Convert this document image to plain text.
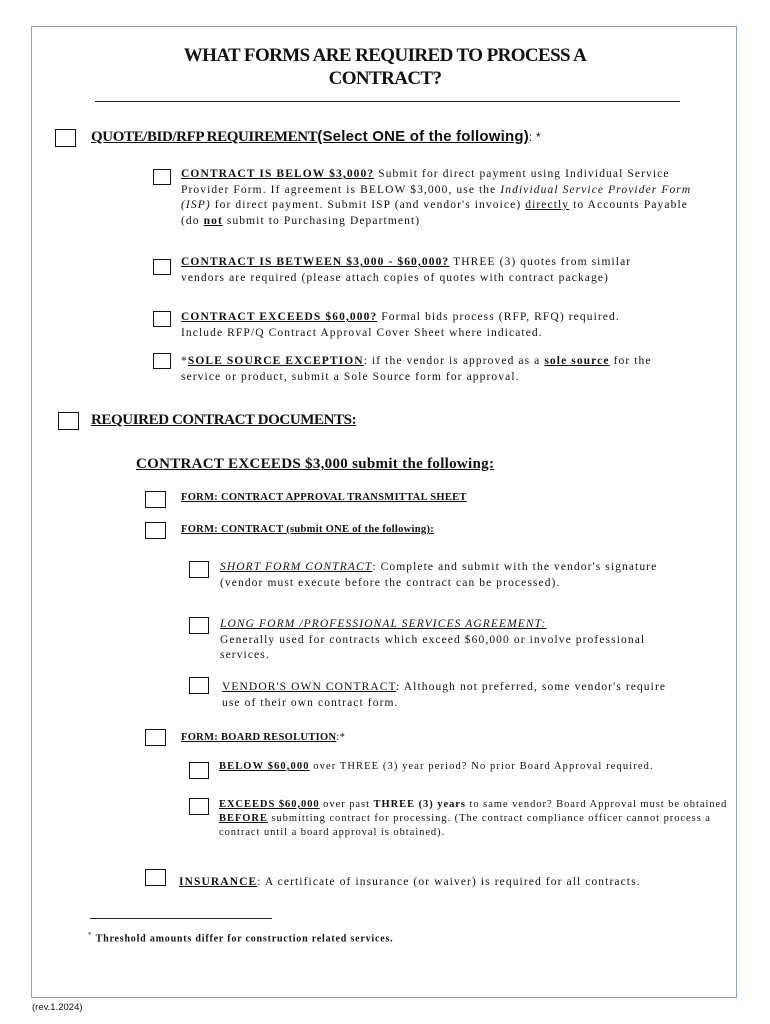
WHAT FORMS ARE REQUIRED TO PROCESS A
CONTRACT?
QUOTE/BID/RFP REQUIREMENT(Select ONE of the following): *
CONTRACT IS BELOW $3,000? Submit for direct payment using Individual Service Provider Form. If agreement is BELOW $3,000, use the Individual Service Provider Form (ISP) for direct payment. Submit ISP (and vendor's invoice) directly to Accounts Payable (do not submit to Purchasing Department)
CONTRACT IS BETWEEN $3,000 - $60,000? THREE (3) quotes from similar vendors are required (please attach copies of quotes with contract package)
CONTRACT EXCEEDS $60,000? Formal bids process (RFP, RFQ) required. Include RFP/Q Contract Approval Cover Sheet where indicated.
*SOLE SOURCE EXCEPTION: if the vendor is approved as a sole source for the service or product, submit a Sole Source form for approval.
REQUIRED CONTRACT DOCUMENTS:
CONTRACT EXCEEDS $3,000 submit the following:
FORM: CONTRACT APPROVAL TRANSMITTAL SHEET
FORM: CONTRACT (submit ONE of the following):
SHORT FORM CONTRACT: Complete and submit with the vendor's signature (vendor must execute before the contract can be processed).
LONG FORM /PROFESSIONAL SERVICES AGREEMENT:
Generally used for contracts which exceed $60,000 or involve professional services.
VENDOR'S OWN CONTRACT: Although not preferred, some vendor's require use of their own contract form.
FORM: BOARD RESOLUTION:*
BELOW $60,000 over THREE (3) year period? No prior Board Approval required.
EXCEEDS $60,000 over past THREE (3) years to same vendor? Board Approval must be obtained BEFORE submitting contract for processing. (The contract compliance officer cannot process a contract until a board approval is obtained).
INSURANCE: A certificate of insurance (or waiver) is required for all contracts.
* Threshold amounts differ for construction related services.
(rev.1.2024)
